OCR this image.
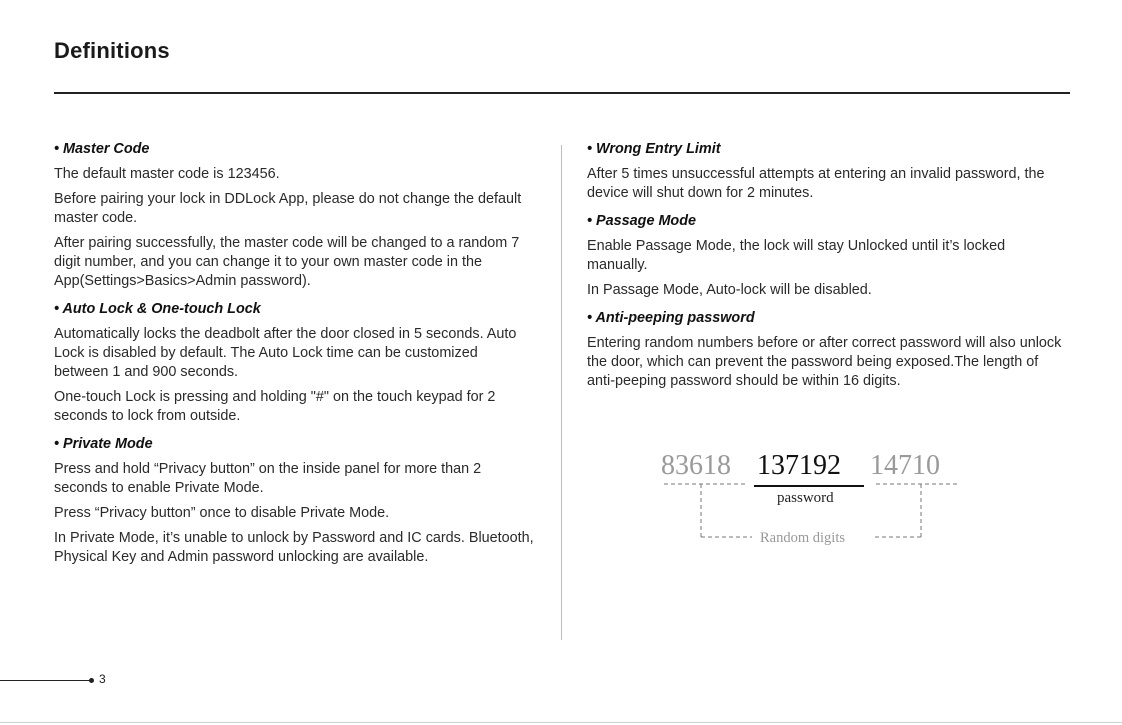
Definitions
• Master Code

The default master code is 123456.

Before pairing your lock in DDLock App, please do not change the default master code.

After pairing successfully, the master code will be changed to a random 7 digit number, and you can change it to your own master code in the App(Settings>Basics>Admin password).

• Auto Lock & One-touch Lock

Automatically locks the deadbolt after the door closed in 5 seconds. Auto Lock is disabled by default. The Auto Lock time can be customized between 1 and 900 seconds.

One-touch Lock is pressing and holding "#" on the touch keypad for 2 seconds to lock from outside.

• Private Mode

Press and hold “Privacy button” on the inside panel for more than 2 seconds to enable Private Mode.

Press “Privacy button” once to disable Private Mode.

In Private Mode, it’s unable to unlock by Password and IC cards. Bluetooth, Physical Key and Admin password unlocking are available.

• Wrong Entry Limit

After 5 times unsuccessful attempts at entering an invalid password, the device will shut down for 2 minutes.

• Passage Mode

Enable Passage Mode, the lock will stay Unlocked until it’s locked manually.

In Passage Mode, Auto-lock will be disabled.

• Anti-peeping password

Entering random numbers before or after correct password will also unlock the door, which can prevent the password being exposed.The length of anti-peeping password should be within 16 digits.

83618 137192 14710
password
Random digits
3
